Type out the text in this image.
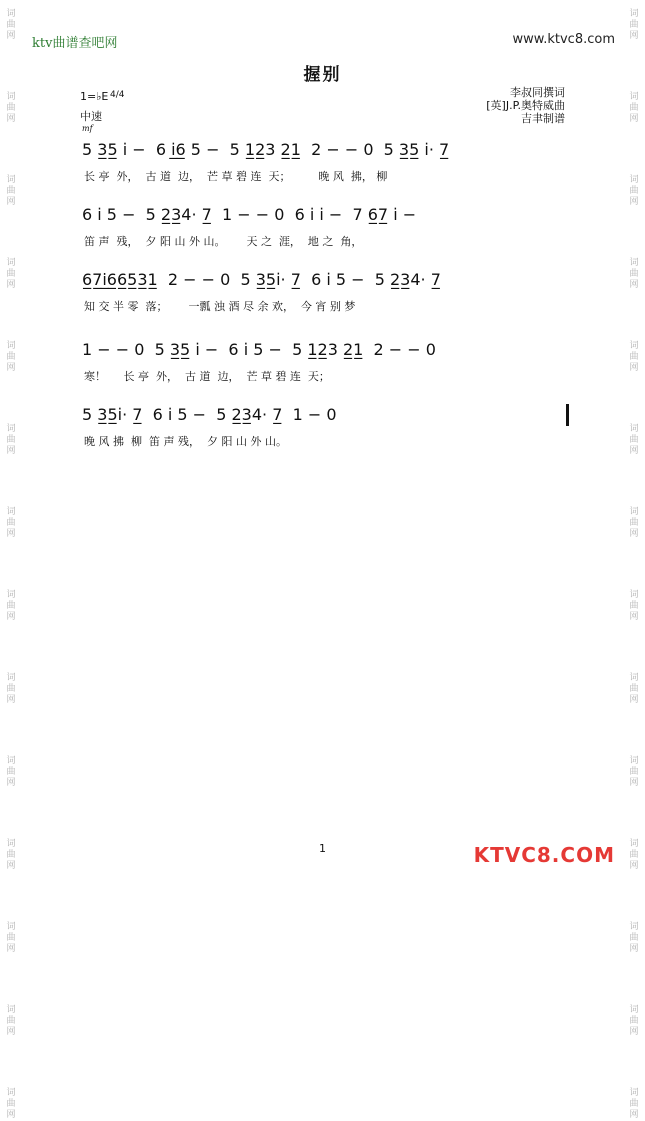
词
曲
网
词
曲
网
词
曲
网
词
曲
网
词
曲
网
词
曲
网
词
曲
网
词
曲
网
词
曲
网
词
曲
网
词
曲
网
词
曲
网
词
曲
网
词
曲
网
词
曲
网
词
曲
网
词
曲
网
词
曲
网
词
曲
网
词
曲
网
词
曲
网
词
曲
网
词
曲
网
词
曲
网
词
曲
网
词
曲
网
词
曲
网
词
曲
网
ktv曲谱查吧网	www.ktvc8.com
握别
1=♭E 4/4
中速
mf
李叔同撰词
[英]J.P.奥特威曲
吉聿制谱
5 3̲5̲ i̇ −  6 i̲̇6̲ 5 −  5 1̲2̲3 2̲1̲  2 − − 0  5 3̲5̲ i̇· 7̲
长 亭  外，  古 道  边，  芒 草 碧 连  天；        晚 风  拂， 柳
6 i̇ 5 −  5 2̲3̲4· 7̲  1 − − 0  6 i̇ i̇ −  7 6̲7̲ i̇ −
笛 声  残，  夕 阳 山 外 山。      天 之  涯，  地 之  角，
6̲7̲i̲6̲6̲5̲3̲1̲  2 − − 0  5 3̲5̲i̇· 7̲  6 i̇ 5 −  5 2̲3̲4· 7̲
知 交 半 零  落；      一瓢 浊 酒 尽 余 欢，  今 宵 别 梦
1 − − 0  5 3̲5̲ i̇ −  6 i̇ 5 −  5 1̲2̲3 2̲1̲  2 − − 0
寒！     长 亭  外，  古 道  边，  芒 草 碧 连  天；
5 3̲5̲i̇· 7̲  6 i̇ 5 −  5 2̲3̲4· 7̲  1 − 0
晚 风 拂  柳  笛 声 残，  夕 阳 山 外 山。
1	KTVC8.COM
